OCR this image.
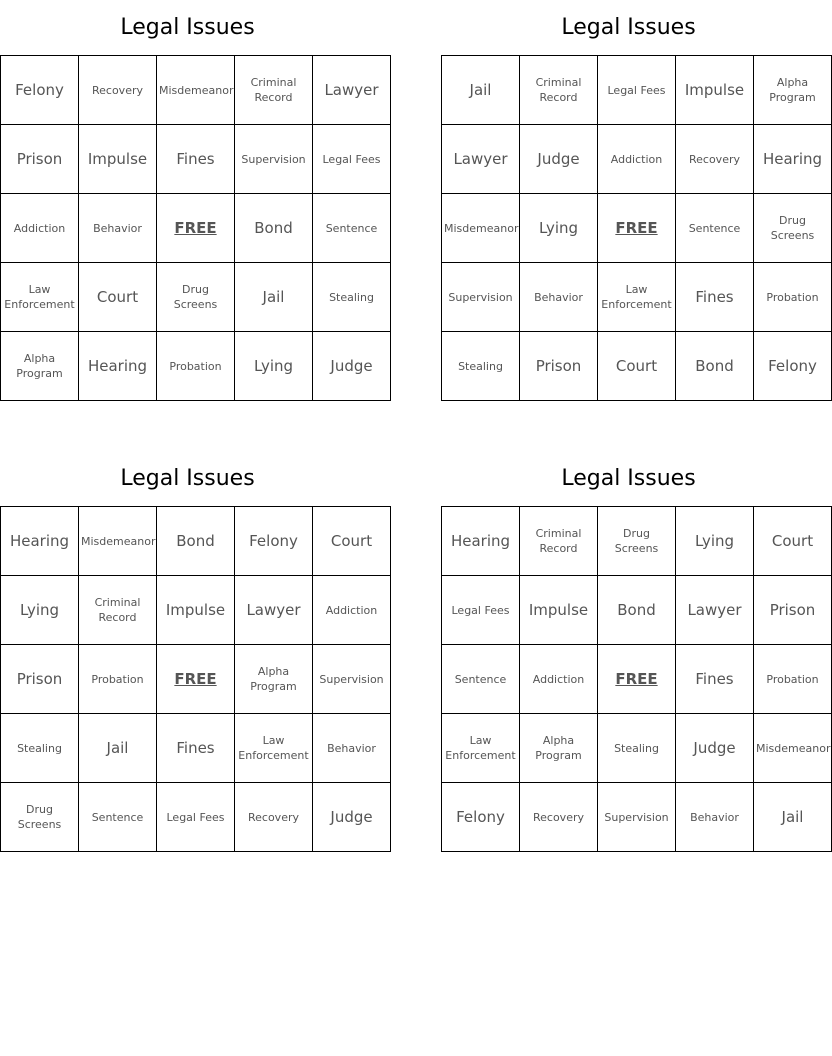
Legal Issues
Felony	Recovery	Misdemeanor	Criminal Record	Lawyer
Prison	Impulse	Fines	Supervision	Legal Fees
Addiction	Behavior	FREE	Bond	Sentence
Law Enforcement	Court	Drug Screens	Jail	Stealing
Alpha Program	Hearing	Probation	Lying	Judge
Legal Issues
Jail	Criminal Record	Legal Fees	Impulse	Alpha Program
Lawyer	Judge	Addiction	Recovery	Hearing
Misdemeanor	Lying	FREE	Sentence	Drug Screens
Supervision	Behavior	Law Enforcement	Fines	Probation
Stealing	Prison	Court	Bond	Felony
Legal Issues
Hearing	Misdemeanor	Bond	Felony	Court
Lying	Criminal Record	Impulse	Lawyer	Addiction
Prison	Probation	FREE	Alpha Program	Supervision
Stealing	Jail	Fines	Law Enforcement	Behavior
Drug Screens	Sentence	Legal Fees	Recovery	Judge
Legal Issues
Hearing	Criminal Record	Drug Screens	Lying	Court
Legal Fees	Impulse	Bond	Lawyer	Prison
Sentence	Addiction	FREE	Fines	Probation
Law Enforcement	Alpha Program	Stealing	Judge	Misdemeanor
Felony	Recovery	Supervision	Behavior	Jail
